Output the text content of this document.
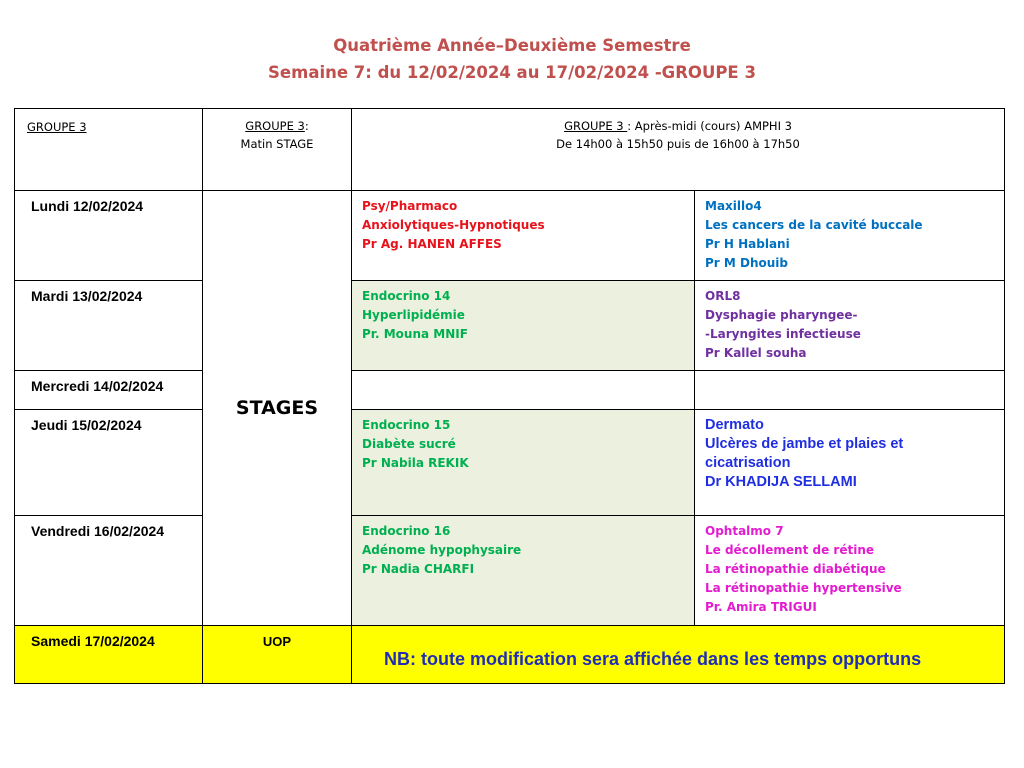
Quatrième Année–Deuxième Semestre
Semaine 7: du 12/02/2024 au 17/02/2024 -GROUPE 3
GROUPE 3	GROUPE 3:
Matin STAGE
GROUPE 3 : Après-midi (cours) AMPHI 3
De 14h00 à 15h50 puis de 16h00 à 17h50
Lundi 12/02/2024
Mardi 13/02/2024
Mercredi 14/02/2024
Jeudi 15/02/2024
Vendredi 16/02/2024
Samedi 17/02/2024
STAGES
UOP
Psy/Pharmaco
Anxiolytiques-Hypnotiques
Pr Ag. HANEN AFFES
Maxillo4
Les cancers de la cavité buccale
Pr H Hablani
Pr M Dhouib
Endocrino 14
Hyperlipidémie
Pr. Mouna MNIF
ORL8
Dysphagie pharyngee-
-Laryngites infectieuse
Pr Kallel souha
Endocrino 15
Diabète sucré
Pr Nabila REKIK
Dermato
Ulcères de jambe et plaies et
cicatrisation
Dr KHADIJA SELLAMI
Endocrino 16
Adénome hypophysaire
Pr Nadia CHARFI
Ophtalmo 7
Le décollement de rétine
La rétinopathie diabétique
La rétinopathie hypertensive
Pr. Amira TRIGUI
NB: toute modification sera affichée dans les temps opportuns
